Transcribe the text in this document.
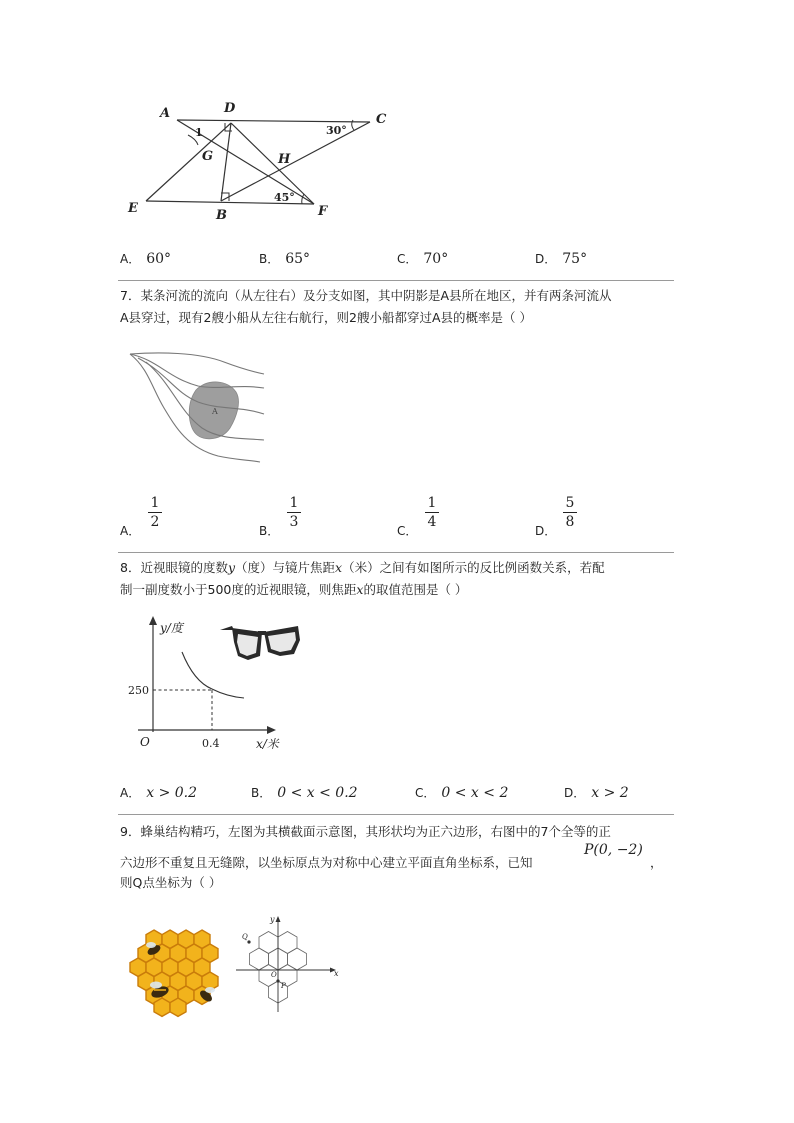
A	D
C
E	B	F
G	H
1	30°
45°
A． 60°	B． 65°	C． 70°	D． 75°
7．某条河流的流向（从左往右）及分支如图，其中阴影是A县所在地区，并有两条河流从
A县穿过，现有2艘小船从左往右航行，则2艘小船都穿过A县的概率是（ ）
A
A．
1
2
B．
1
3
C．
1
4
D．
5
8
8．近视眼镜的度数y（度）与镜片焦距x（米）之间有如图所示的反比例函数关系，若配
制一副度数小于500度的近视眼镜，则焦距x的取值范围是（ ）
y/度
x/米
O
250
0.4
A． x > 0.2	B． 0 < x < 0.2	C． 0 < x < 2	D． x > 2
9．蜂巢结构精巧，左图为其横截面示意图，其形状均为正六边形，右图中的7个全等的正
六边形不重复且无缝隙，以坐标原点为对称中心建立平面直角坐标系，已知
P(0, −2)
，
则Q点坐标为（ ）
y
x
Q
O
P
